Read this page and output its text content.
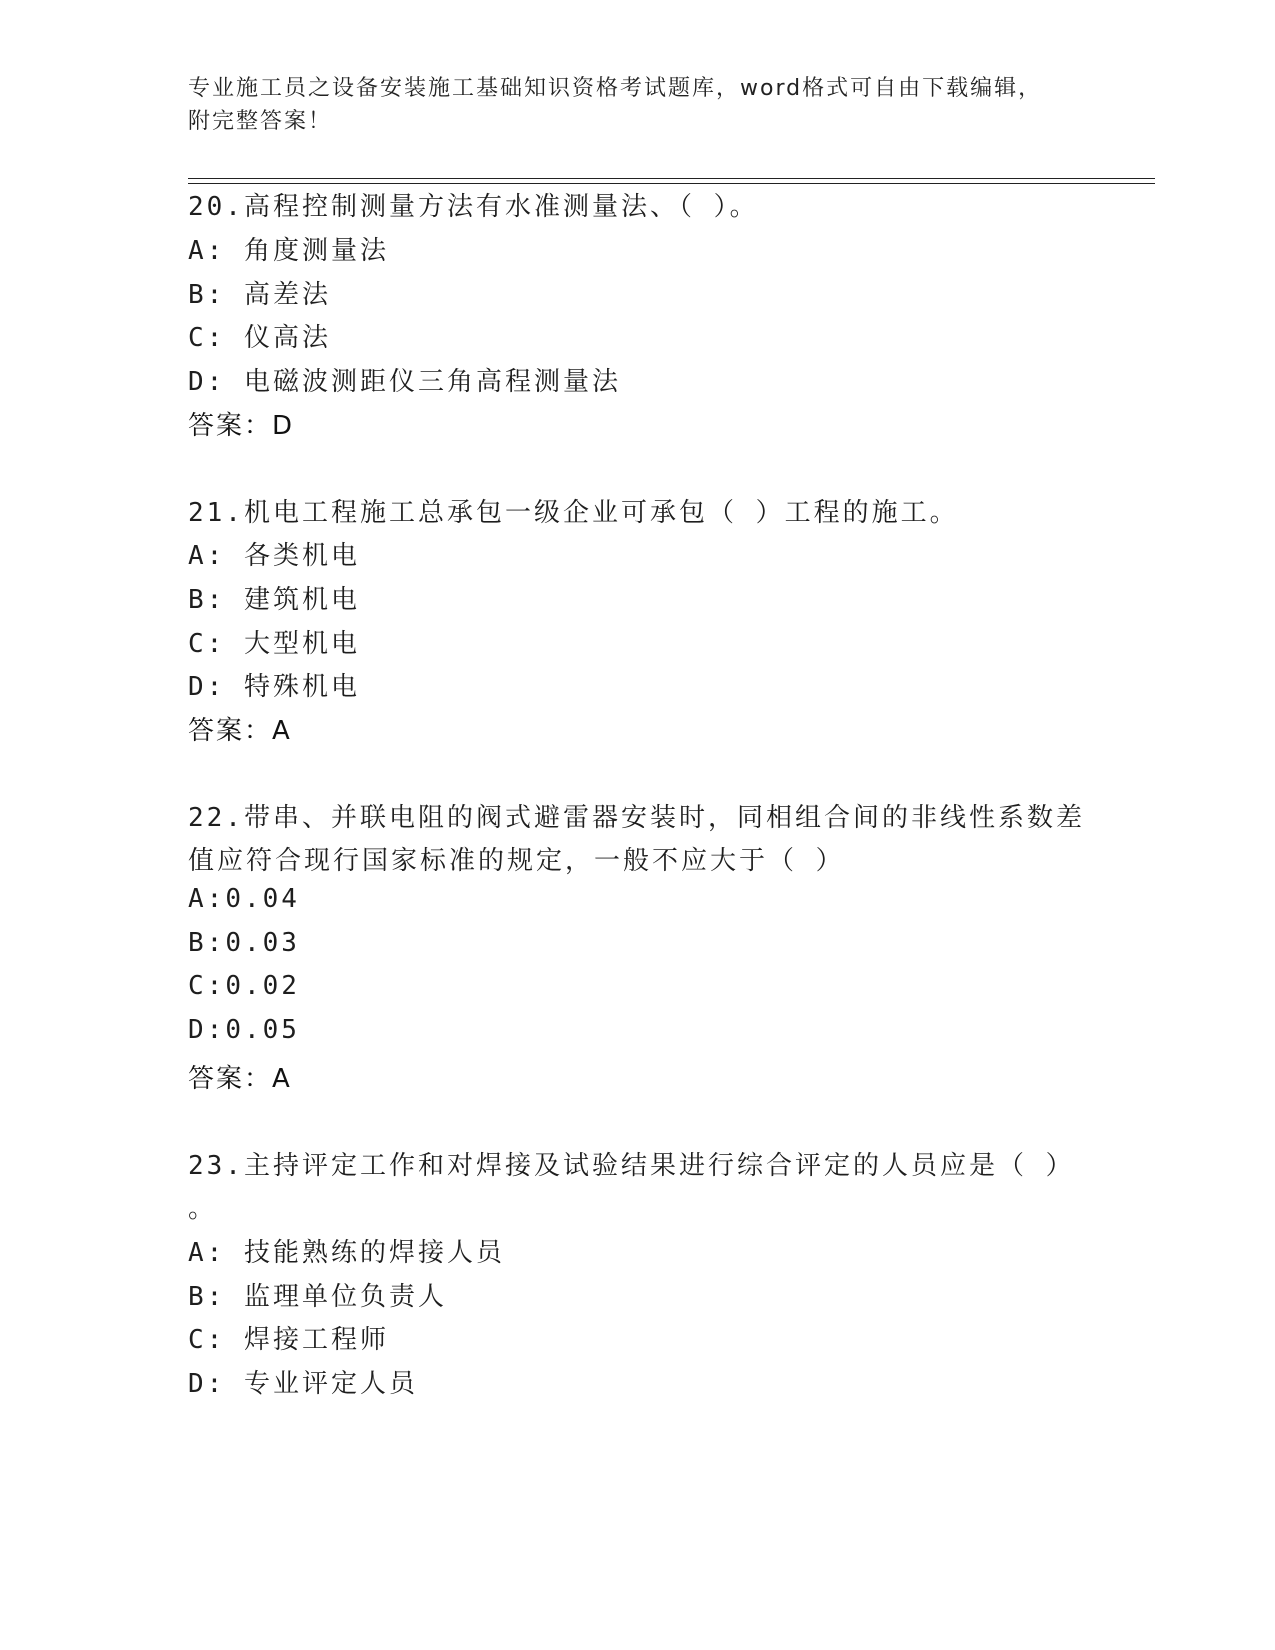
专业施工员之设备安装施工基础知识资格考试题库，word格式可自由下载编辑，
附完整答案！
20.高程控制测量方法有水准测量法、（ ）。
A: 角度测量法
B: 高差法
C: 仪高法
D: 电磁波测距仪三角高程测量法
答案：D
21.机电工程施工总承包一级企业可承包（ ）工程的施工。
A: 各类机电
B: 建筑机电
C: 大型机电
D: 特殊机电
答案：A
22.带串、并联电阻的阀式避雷器安装时，同相组合间的非线性系数差
值应符合现行国家标准的规定，一般不应大于（ ）
A:0.04
B:0.03
C:0.02
D:0.05
答案：A
23.主持评定工作和对焊接及试验结果进行综合评定的人员应是（ ）
。
A: 技能熟练的焊接人员
B: 监理单位负责人
C: 焊接工程师
D: 专业评定人员
